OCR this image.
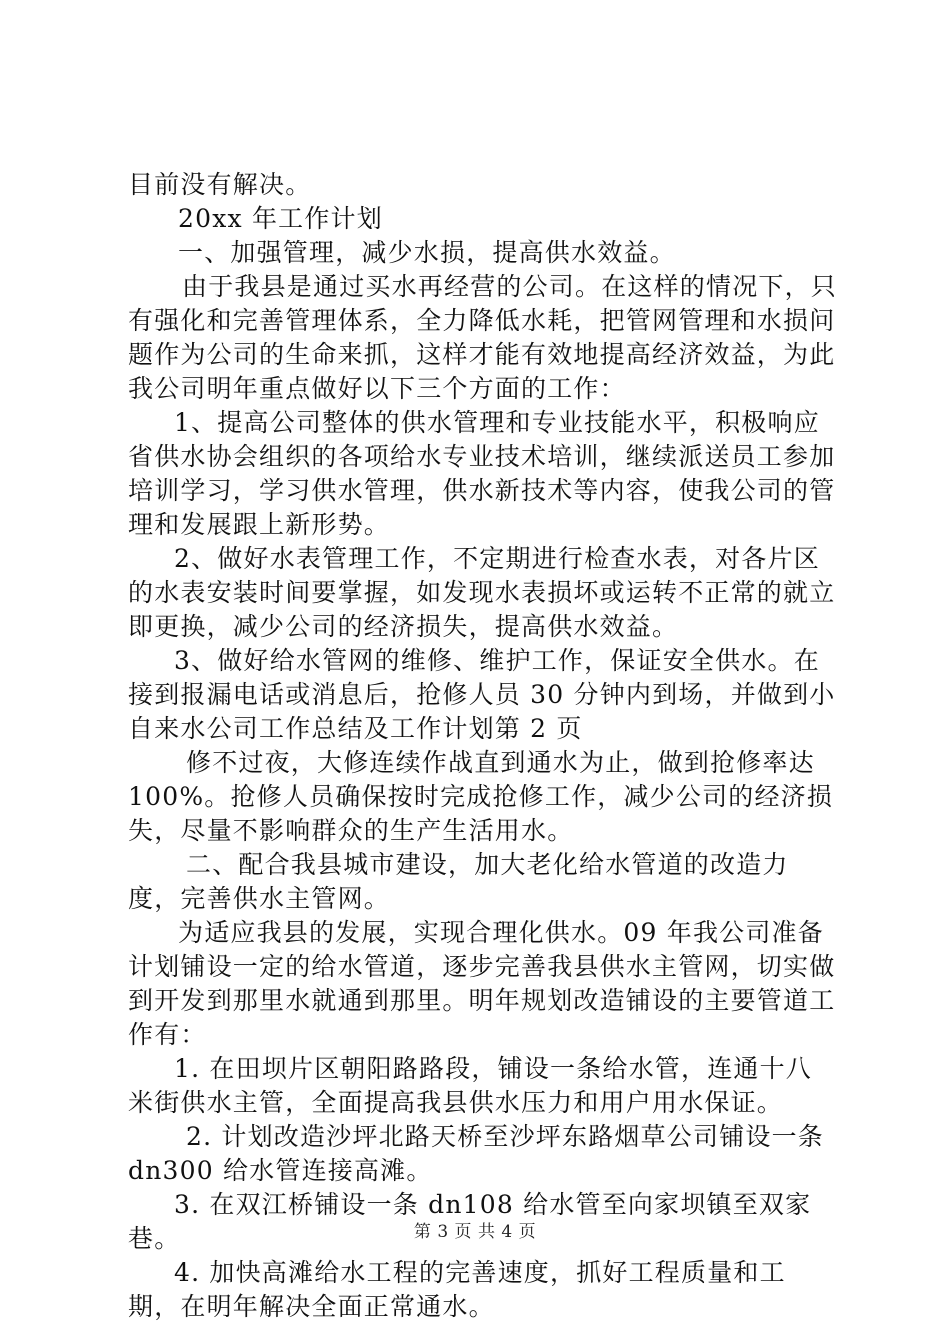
目前没有解决。

20xx 年工作计划

一、加强管理，减少水损，提高供水效益。

由于我县是通过买水再经营的公司。在这样的情况下，只有强化和完善管理体系，全力降低水耗，把管网管理和水损问题作为公司的生命来抓，这样才能有效地提高经济效益，为此我公司明年重点做好以下三个方面的工作：

1、提高公司整体的供水管理和专业技能水平，积极响应省供水协会组织的各项给水专业技术培训，继续派送员工参加培训学习，学习供水管理，供水新技术等内容，使我公司的管理和发展跟上新形势。

2、做好水表管理工作，不定期进行检查水表，对各片区的水表安装时间要掌握，如发现水表损坏或运转不正常的就立即更换，减少公司的经济损失，提高供水效益。

3、做好给水管网的维修、维护工作，保证安全供水。在接到报漏电话或消息后，抢修人员 30 分钟内到场，并做到小自来水公司工作总结及工作计划第 2 页

修不过夜，大修连续作战直到通水为止，做到抢修率达 100%。抢修人员确保按时完成抢修工作，减少公司的经济损失，尽量不影响群众的生产生活用水。

二、配合我县城市建设，加大老化给水管道的改造力度，完善供水主管网。

为适应我县的发展，实现合理化供水。09 年我公司准备计划铺设一定的给水管道，逐步完善我县供水主管网，切实做到开发到那里水就通到那里。明年规划改造铺设的主要管道工作有：

1. 在田坝片区朝阳路路段，铺设一条给水管，连通十八米街供水主管，全面提高我县供水压力和用户用水保证。

2. 计划改造沙坪北路天桥至沙坪东路烟草公司铺设一条 dn300 给水管连接高滩。

3. 在双江桥铺设一条 dn108 给水管至向家坝镇至双家巷。

4. 加快高滩给水工程的完善速度，抓好工程质量和工期，在明年解决全面正常通水。

第 3 页 共 4 页
